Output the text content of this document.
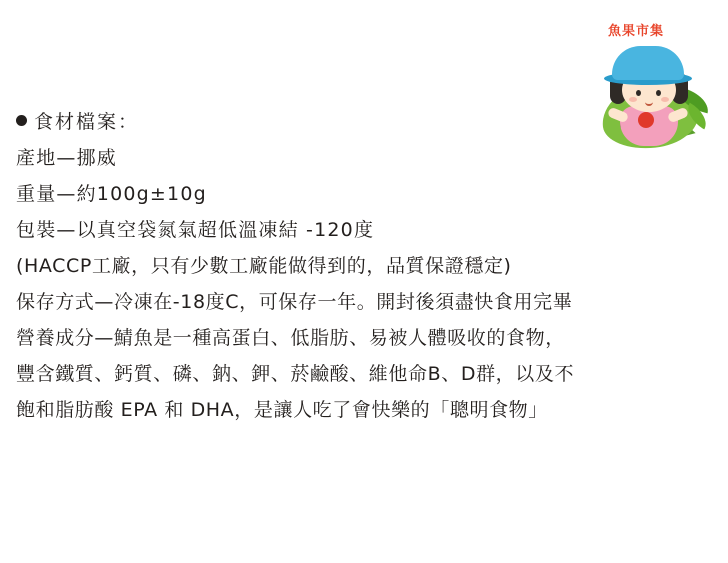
魚果市集
食材檔案：
產地—挪威
重量—約100g±10g
包裝—以真空袋氮氣超低溫凍結 -120度
(HACCP工廠，只有少數工廠能做得到的，品質保證穩定)
保存方式—冷凍在-18度C，可保存一年。開封後須盡快食用完畢
營養成分—鯖魚是一種高蛋白、低脂肪、易被人體吸收的食物，
豐含鐵質、鈣質、磷、鈉、鉀、菸鹼酸、維他命B、D群，以及不
飽和脂肪酸 EPA 和 DHA，是讓人吃了會快樂的「聰明食物」
